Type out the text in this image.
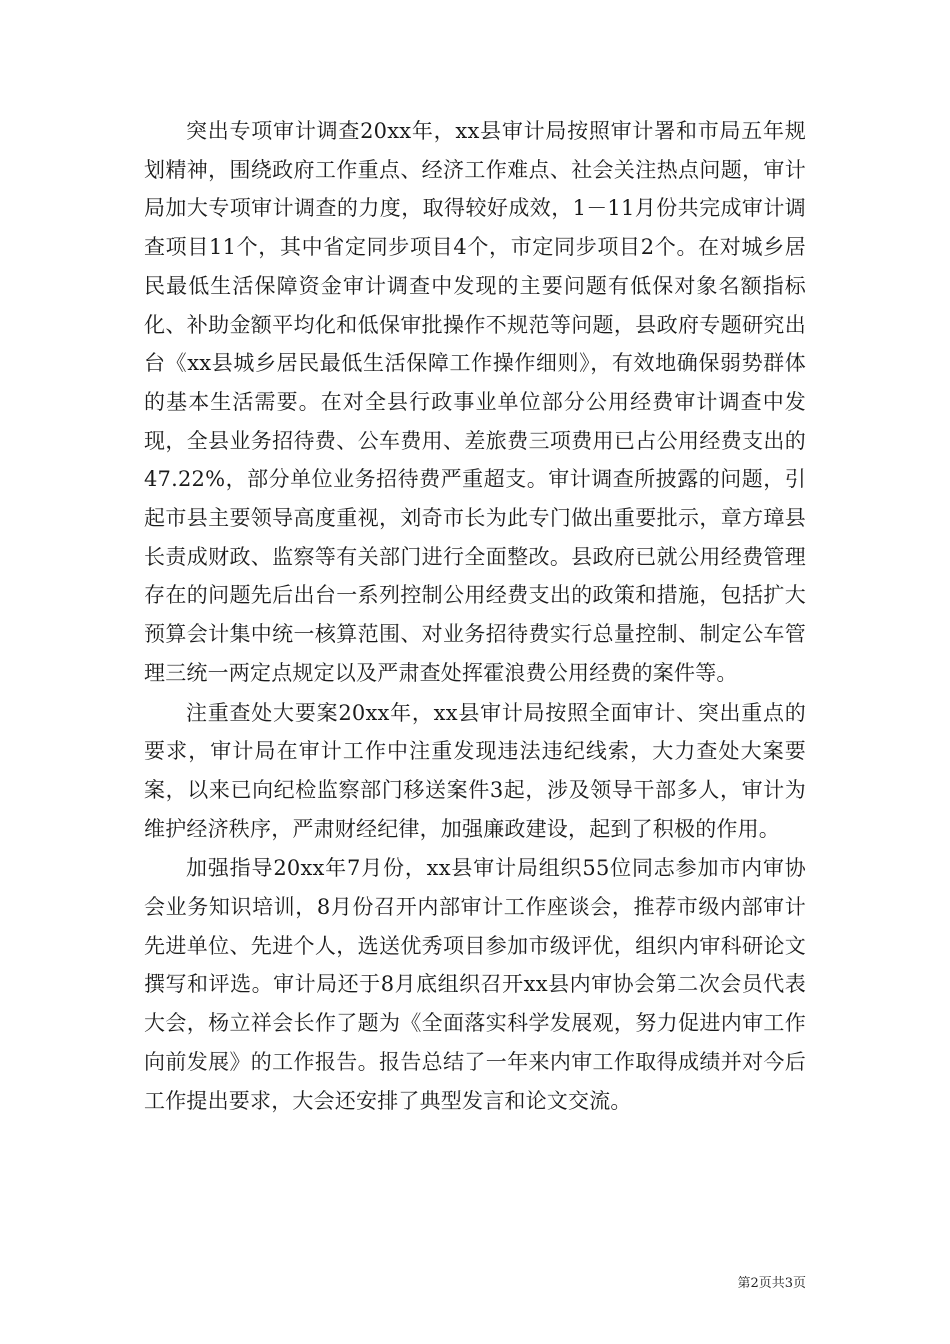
突出专项审计调查20xx年，xx县审计局按照审计署和市局五年规划精神，围绕政府工作重点、经济工作难点、社会关注热点问题，审计局加大专项审计调查的力度，取得较好成效，1－11月份共完成审计调查项目11个，其中省定同步项目4个，市定同步项目2个。在对城乡居民最低生活保障资金审计调查中发现的主要问题有低保对象名额指标化、补助金额平均化和低保审批操作不规范等问题，县政府专题研究出台《xx县城乡居民最低生活保障工作操作细则》，有效地确保弱势群体的基本生活需要。在对全县行政事业单位部分公用经费审计调查中发现，全县业务招待费、公车费用、差旅费三项费用已占公用经费支出的47.22%，部分单位业务招待费严重超支。审计调查所披露的问题，引起市县主要领导高度重视，刘奇市长为此专门做出重要批示，章方璋县长责成财政、监察等有关部门进行全面整改。县政府已就公用经费管理存在的问题先后出台一系列控制公用经费支出的政策和措施，包括扩大预算会计集中统一核算范围、对业务招待费实行总量控制、制定公车管理三统一两定点规定以及严肃查处挥霍浪费公用经费的案件等。

注重查处大要案20xx年，xx县审计局按照全面审计、突出重点的要求，审计局在审计工作中注重发现违法违纪线索，大力查处大案要案，以来已向纪检监察部门移送案件3起，涉及领导干部多人，审计为维护经济秩序，严肃财经纪律，加强廉政建设，起到了积极的作用。

加强指导20xx年7月份，xx县审计局组织55位同志参加市内审协会业务知识培训，8月份召开内部审计工作座谈会，推荐市级内部审计先进单位、先进个人，选送优秀项目参加市级评优，组织内审科研论文撰写和评选。审计局还于8月底组织召开xx县内审协会第二次会员代表大会，杨立祥会长作了题为《全面落实科学发展观，努力促进内审工作向前发展》的工作报告。报告总结了一年来内审工作取得成绩并对今后工作提出要求，大会还安排了典型发言和论文交流。

第2页共3页
